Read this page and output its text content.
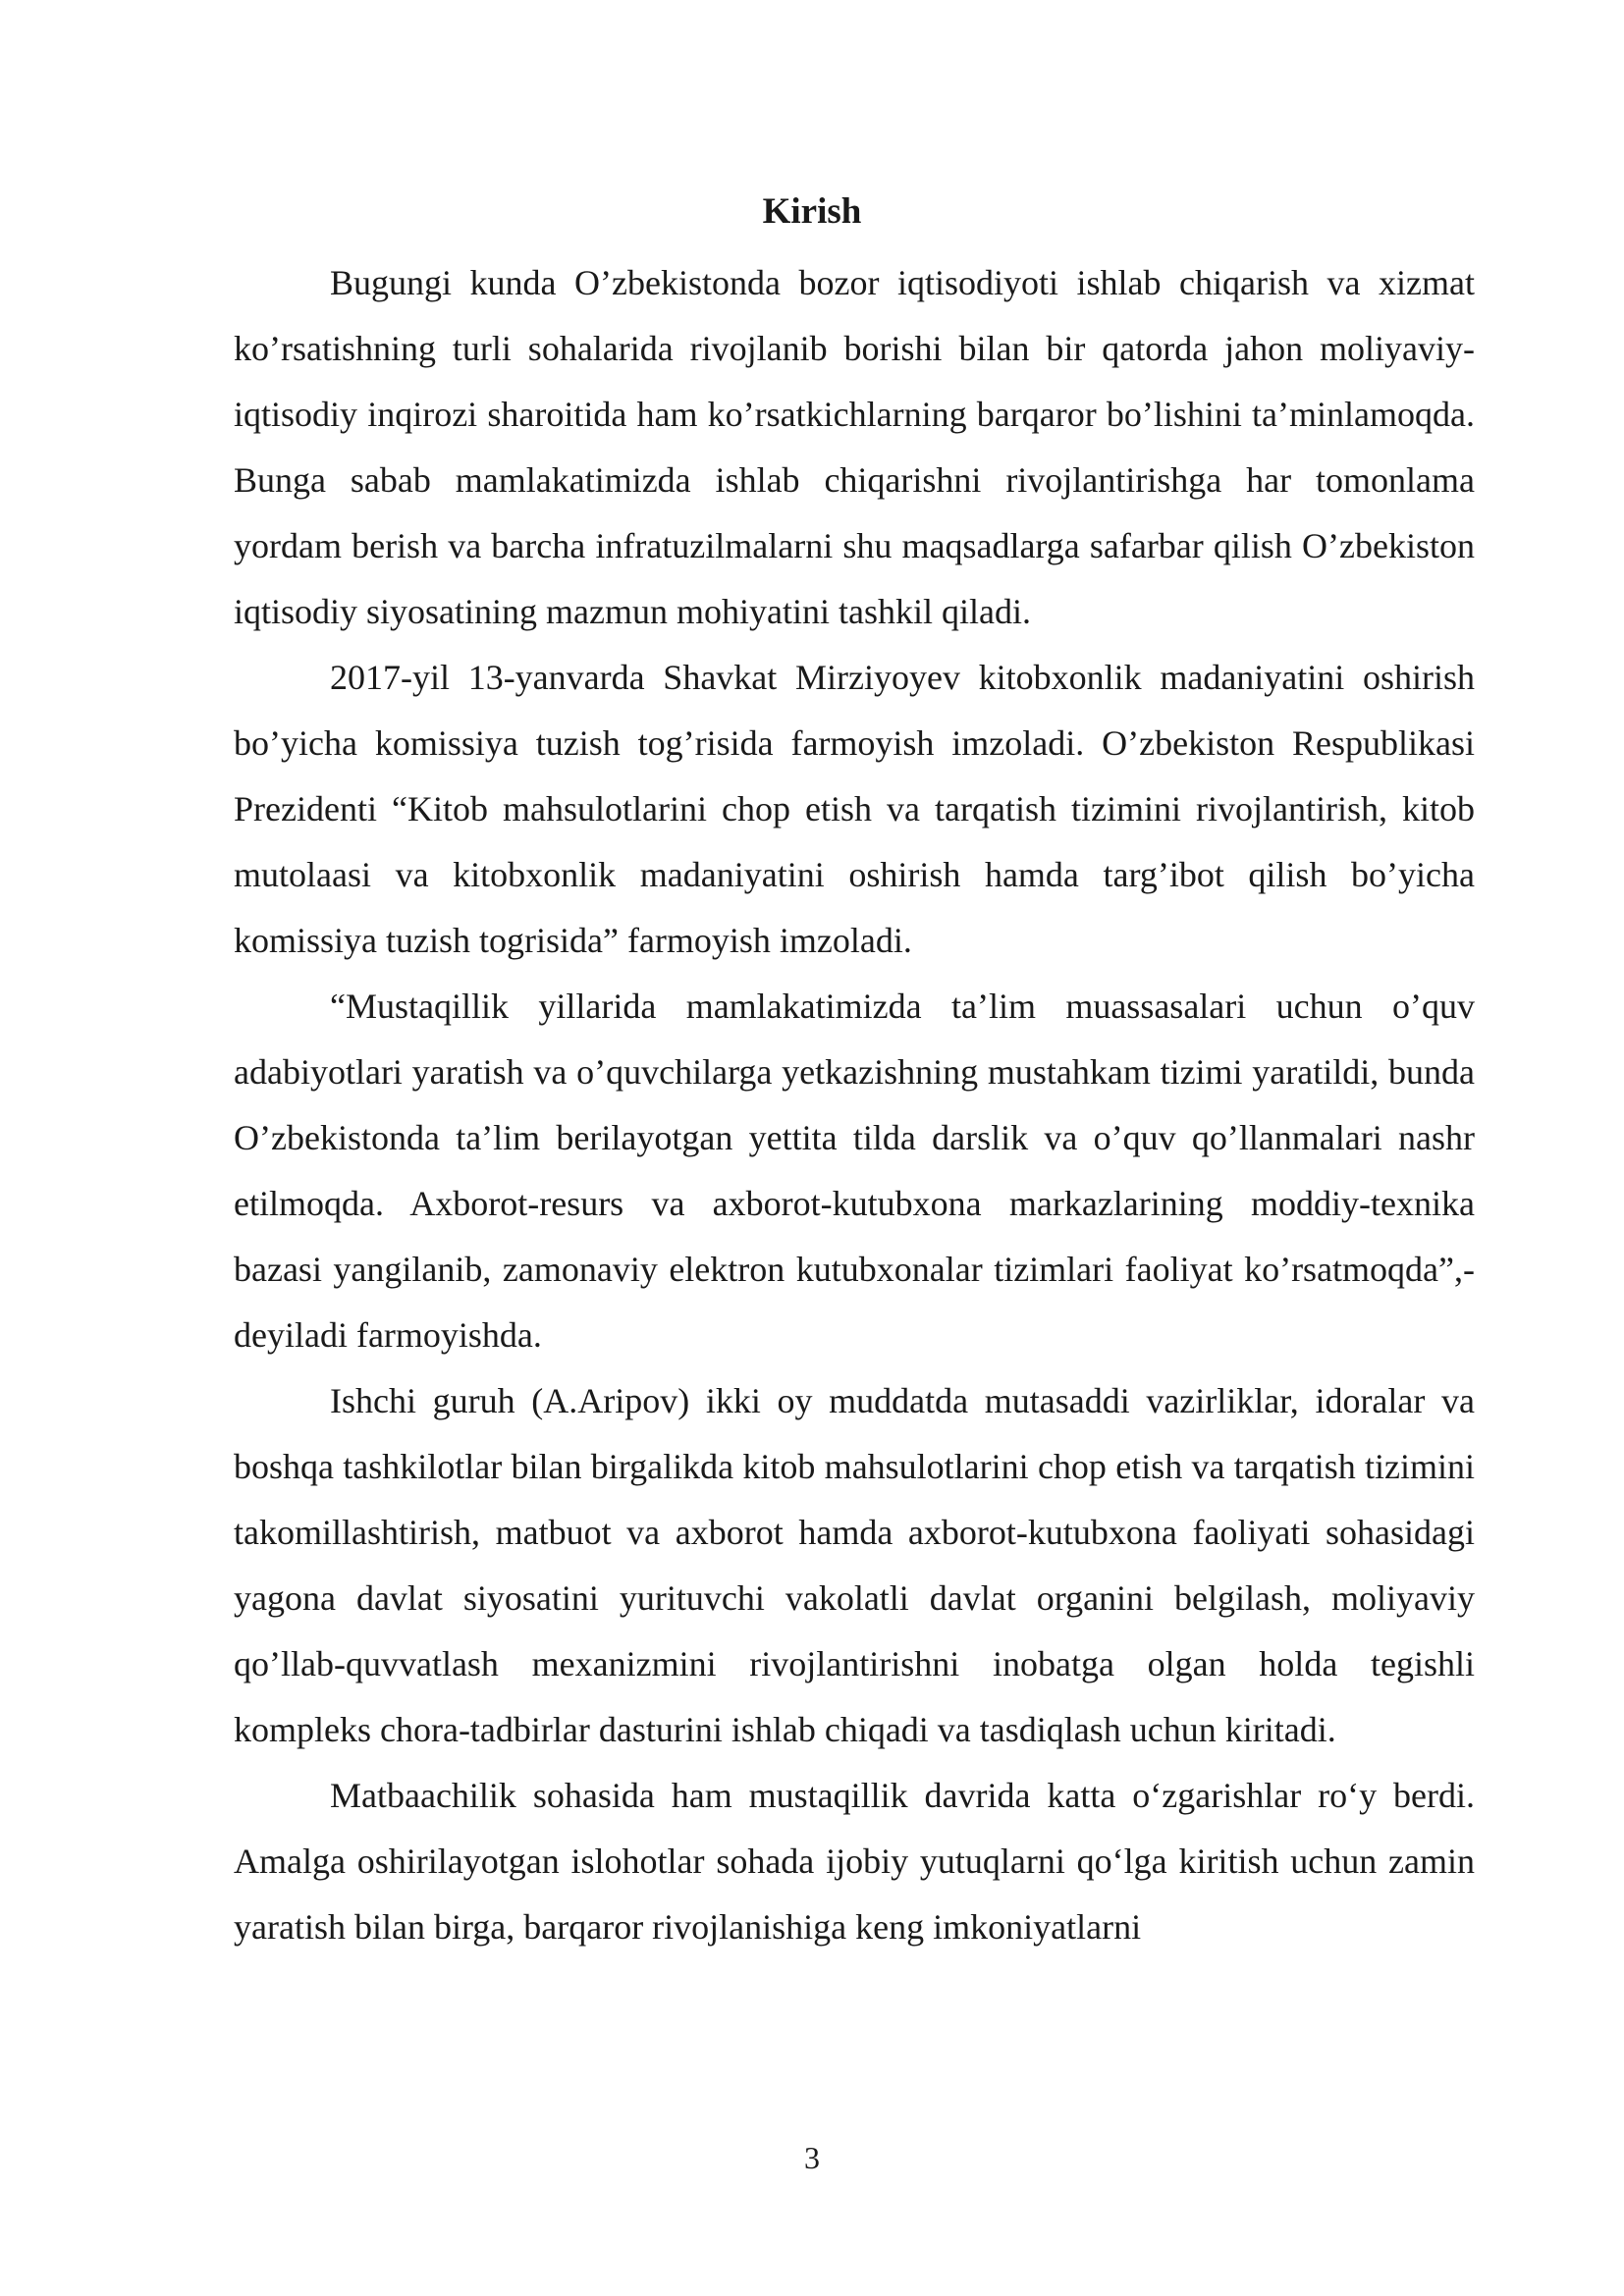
Kirish

Bugungi kunda O’zbekistonda bozor iqtisodiyoti ishlab chiqarish va xizmat ko’rsatishning turli sohalarida rivojlanib borishi bilan bir qatorda jahon moliyaviy-iqtisodiy inqirozi sharoitida ham ko’rsatkichlarning barqaror bo’lishini ta’minlamoqda. Bunga sabab mamlakatimizda ishlab chiqarishni rivojlantirishga har tomonlama yordam berish va barcha infratuzilmalarni shu maqsadlarga safarbar qilish O’zbekiston iqtisodiy siyosatining mazmun mohiyatini tashkil qiladi.

2017-yil 13-yanvarda Shavkat Mirziyoyev kitobxonlik madaniyatini oshirish bo’yicha komissiya tuzish tog’risida farmoyish imzoladi. O’zbekiston Respublikasi Prezidenti “Kitob mahsulotlarini chop etish va tarqatish tizimini rivojlantirish, kitob mutolaasi va kitobxonlik madaniyatini oshirish hamda targ’ibot qilish bo’yicha komissiya tuzish togrisida” farmoyish imzoladi.

“Mustaqillik yillarida mamlakatimizda ta’lim muassasalari uchun o’quv adabiyotlari yaratish va o’quvchilarga yetkazishning mustahkam tizimi yaratildi, bunda O’zbekistonda ta’lim berilayotgan yettita tilda darslik va o’quv qo’llanmalari nashr etilmoqda. Axborot-resurs va axborot-kutubxona markazlarining moddiy-texnika bazasi yangilanib, zamonaviy elektron kutubxonalar tizimlari faoliyat ko’rsatmoqda”,-deyiladi farmoyishda.

Ishchi guruh (A.Aripov) ikki oy muddatda mutasaddi vazirliklar, idoralar va boshqa tashkilotlar bilan birgalikda kitob mahsulotlarini chop etish va tarqatish tizimini takomillashtirish, matbuot va axborot hamda axborot-kutubxona faoliyati sohasidagi yagona davlat siyosatini yurituvchi vakolatli davlat organini belgilash, moliyaviy qo’llab-quvvatlash mexanizmini rivojlantirishni inobatga olgan holda tegishli kompleks chora-tadbirlar dasturini ishlab chiqadi va tasdiqlash uchun kiritadi.

Matbaachilik sohasida ham mustaqillik davrida katta o‘zgarishlar ro‘y berdi. Amalga oshirilayotgan islohotlar sohada ijobiy yutuqlarni qo‘lga kiritish uchun zamin yaratish bilan birga, barqaror rivojlanishiga keng imkoniyatlarni

3
